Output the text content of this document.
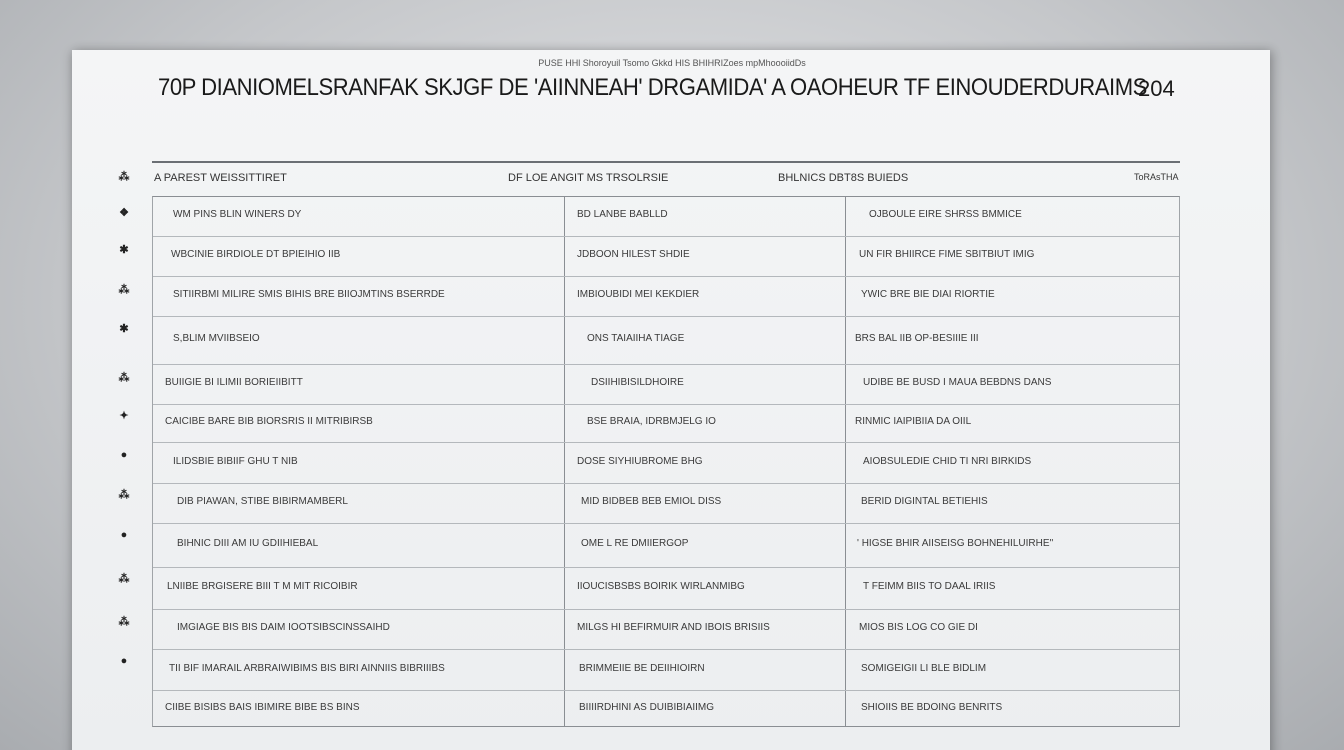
PUSE HHl Shoroyuil Tsomo Gkkd HIS BHIHRIZoes mpMhoooiidDs
70P DIANIOMELSRANFAK SKJGF DE 'AIINNEAH' DRGAMIDA' A OAOHEUR TF EINOUDERDURAIMS
204
A PAREST WEISSITTIRET	DF LOE ANGIT MS TRSOLRSIE	BHLNICS DBT8S BUIEDS	ToRAsTHA
⁂
❖
✱
⁂
✱
⁂
✦
●
⁂
●
⁂
⁂
●
WM PINS BLIN WINERS DY	BD LANBE BABLLD	OJBOULE EIRE SHRSS BMMICE
WBCINIE BIRDIOLE DT BPIEIHIO IIB	JDBOON HILEST SHDIE	UN FIR BHIIRCE FIME SBITBIUT IMIG
SITIIRBMI MILIRE SMIS BIHIS BRE BIIOJMTINS BSERRDE	IMBIOUBIDI MEI KEKDIER	YWIC BRE BIE DIAI RIORTIE
S,BLIM MVIIBSEIO	ONS TAIAIIHA TIAGE	BRS BAL IIB OP-BESIIIE III
BUIIGIE BI ILIMII BORIEIIBITT	DSIIHIBISILDHOIRE	UDIBE BE BUSD I MAUA BEBDNS DANS
CAICIBE BARE BIB BIORSRIS II MITRIBIRSB	BSE BRAIA, IDRBMJELG IO	RINMIC IAIPIBIIA DA OIIL
ILIDSBIE BIBIIF GHU T NIB	DOSE SIYHIUBROME BHG	AIOBSULEDIE CHID TI NRI BIRKIDS
DIB PIAWAN, STIBE BIBIRMAMBERL	MID BIDBEB BEB EMIOL DISS	BERID DIGINTAL BETIEHIS
BIHNIC DIII AM IU GDIIHIEBAL	OME L RE DMIIERGOP	' HIGSE BHIR AIISEISG BOHNEHILUIRHE''
LNIIBE BRGISERE BIII T M MIT RICOIBIR	IIOUCISBSBS BOIRIK WIRLANMIBG	T FEIMM BIIS TO DAAL IRIIS
IMGIAGE BIS BIS DAIM IOOTSIBSCINSSAIHD	MILGS HI BEFIRMUIR AND IBOIS BRISIIS	MIOS BIS LOG CO GIE DI
TII BIF IMARAIL ARBRAIWIBIMS BIS BIRI AINNIIS BIBRIIIBS	BRIMMEIIE BE DEIIHIOIRN	SOMIGEIGII LI BLE BIDLIM
CIIBE BISIBS BAIS IBIMIRE BIBE BS BINS	BIIIIRDHINI AS DUIBIBIAIIMG	SHIOIIS BE BDOING BENRITS
